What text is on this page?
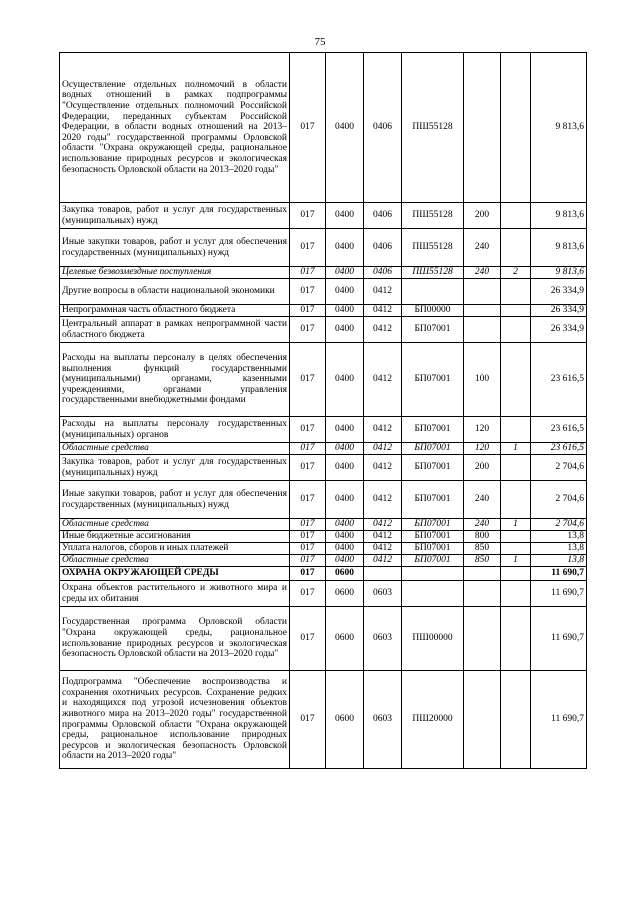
75
Осуществление отдельных полномочий в области водных отношений в рамках подпрограммы "Осуществление отдельных полномочий Российской Федерации, переданных субъектам Российской Федерации, в области водных отношений на 2013–2020 годы" государственной программы Орловской области "Охрана окружающей среды, рациональное использование природных ресурсов и экологическая безопасность Орловской области на 2013–2020 годы"	017	0400	0406	ПШ55128			9 813,6
Закупка товаров, работ и услуг для государственных (муниципальных) нужд	017	0400	0406	ПШ55128	200		9 813,6
Иные закупки товаров, работ и услуг для обеспечения государственных (муниципальных) нужд	017	0400	0406	ПШ55128	240		9 813,6
Целевые безвозмездные поступления	017	0400	0406	ПШ55128	240	2	9 813,6
Другие вопросы в области национальной экономики	017	0400	0412				26 334,9
Непрограммная часть областного бюджета	017	0400	0412	БП00000			26 334,9
Центральный аппарат в рамках непрограммной части областного бюджета	017	0400	0412	БП07001			26 334,9
Расходы на выплаты персоналу в целях обеспечения выполнения функций государственными (муниципальными) органами, казенными учреждениями, органами управления государственными внебюджетными фондами	017	0400	0412	БП07001	100		23 616,5
Расходы на выплаты персоналу государственных (муниципальных) органов	017	0400	0412	БП07001	120		23 616,5
Областные средства	017	0400	0412	БП07001	120	1	23 616,5
Закупка товаров, работ и услуг для государственных (муниципальных) нужд	017	0400	0412	БП07001	200		2 704,6
Иные закупки товаров, работ и услуг для обеспечения государственных (муниципальных) нужд	017	0400	0412	БП07001	240		2 704,6
Областные средства	017	0400	0412	БП07001	240	1	2 704,6
Иные бюджетные ассигнования	017	0400	0412	БП07001	800		13,8
Уплата налогов, сборов и иных платежей	017	0400	0412	БП07001	850		13,8
Областные средства	017	0400	0412	БП07001	850	1	13,8
ОХРАНА ОКРУЖАЮЩЕЙ СРЕДЫ	017	0600					11 690,7
Охрана объектов растительного и животного мира и среды их обитания	017	0600	0603				11 690,7
Государственная программа Орловской области "Охрана окружающей среды, рациональное использование природных ресурсов и экологическая безопасность Орловской области на 2013–2020 годы"	017	0600	0603	ПШ00000			11 690,7
Подпрограмма "Обеспечение воспроизводства и сохранения охотничьих ресурсов. Сохранение редких и находящихся под угрозой исчезновения объектов животного мира на 2013–2020 годы" государственной программы Орловской области "Охрана окружающей среды, рациональное использование природных ресурсов и экологическая безопасность Орловской области на 2013–2020 годы"	017	0600	0603	ПШ20000			11 690,7
